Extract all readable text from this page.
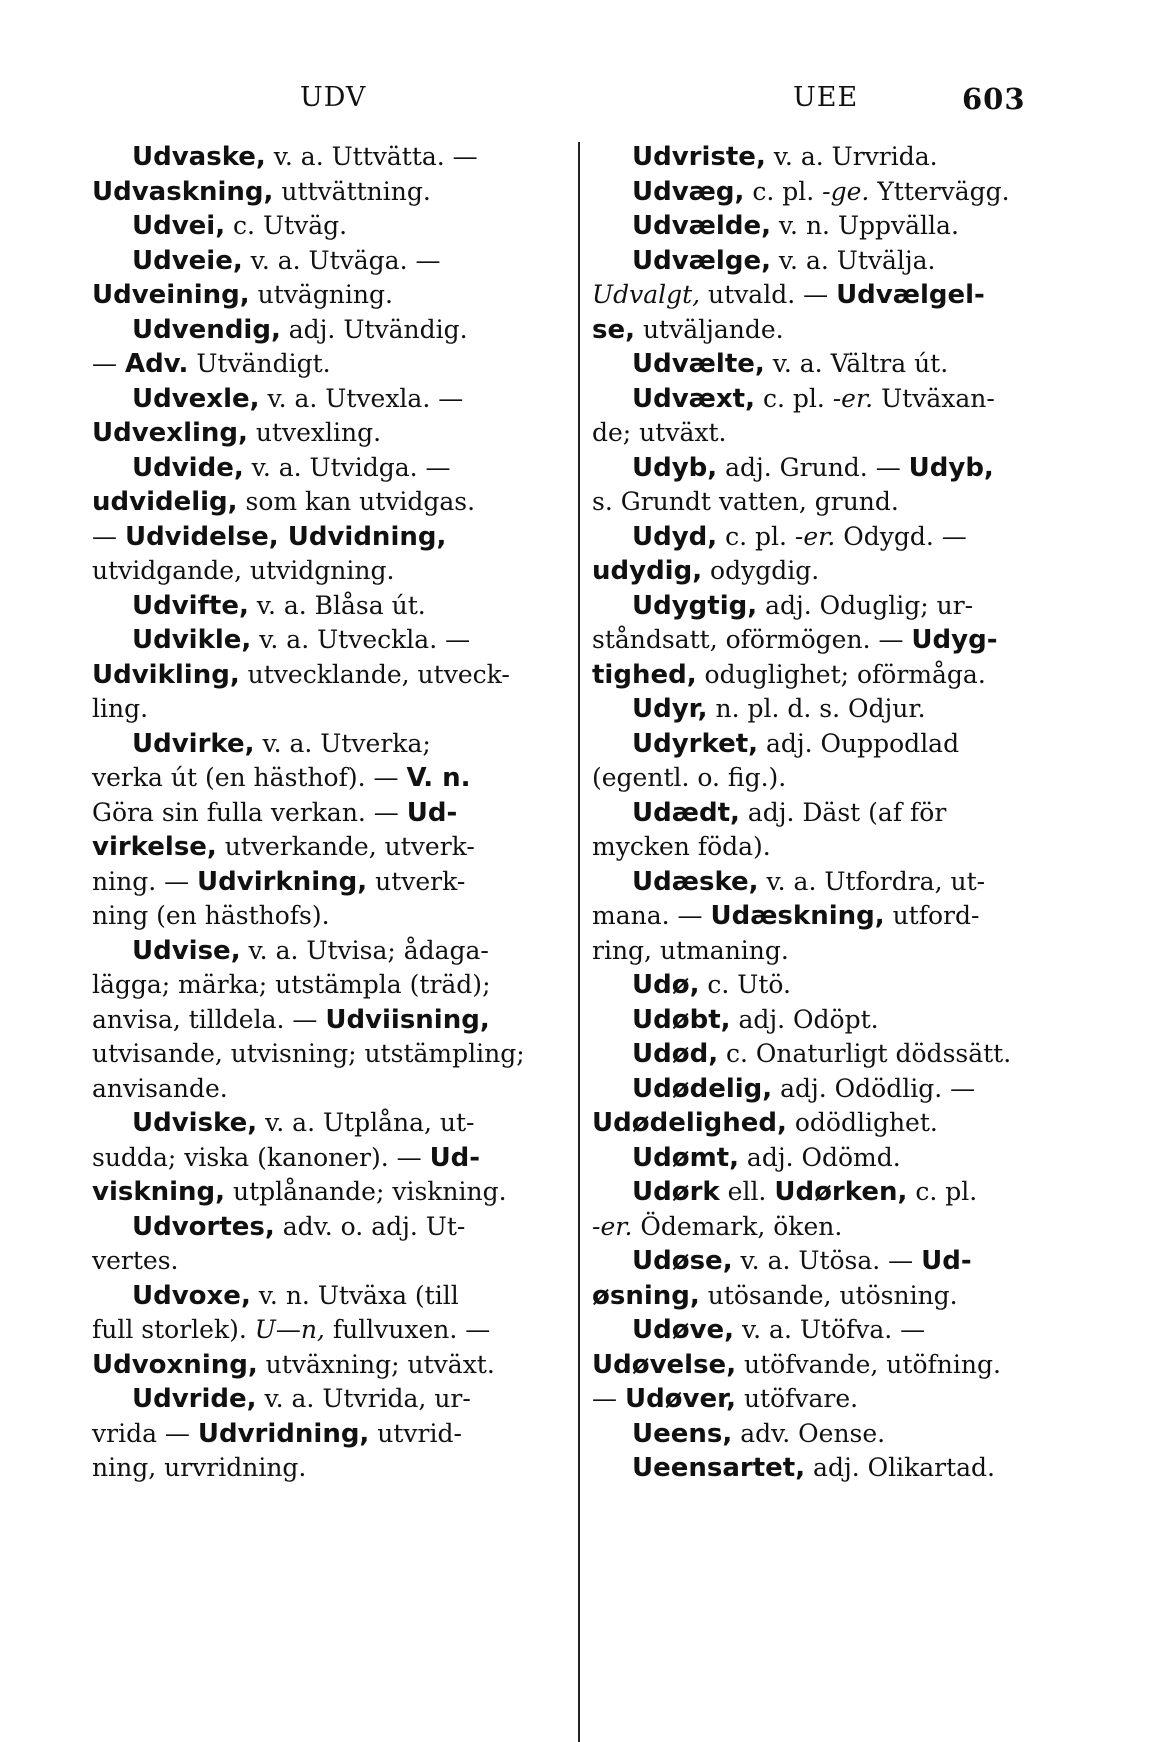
UDV	UEE	603
Udvaske, v. a. Uttvätta. —
Udvaskning, uttvättning.
Udvei, c. Utväg.
Udveie, v. a. Utväga. —
Udveining, utvägning.
Udvendig, adj. Utvändig.
— Adv. Utvändigt.
Udvexle, v. a. Utvexla. —
Udvexling, utvexling.
Udvide, v. a. Utvidga. —
udvidelig, som kan utvidgas.
— Udvidelse, Udvidning,
utvidgande, utvidgning.
Udvifte, v. a. Blåsa út.
Udvikle, v. a. Utveckla. —
Udvikling, utvecklande, utveck-
ling.
Udvirke, v. a. Utverka;
verka út (en hästhof). — V. n.
Göra sin fulla verkan. — Ud-
virkelse, utverkande, utverk-
ning. — Udvirkning, utverk-
ning (en hästhofs).
Udvise, v. a. Utvisa; ådaga-
lägga; märka; utstämpla (träd);
anvisa, tilldela. — Udviisning,
utvisande, utvisning; utstämpling;
anvisande.
Udviske, v. a. Utplåna, ut-
sudda; viska (kanoner). — Ud-
viskning, utplånande; viskning.
Udvortes, adv. o. adj. Ut-
vertes.
Udvoxe, v. n. Utväxa (till
full storlek). U—n, fullvuxen. —
Udvoxning, utväxning; utväxt.
Udvride, v. a. Utvrida, ur-
vrida — Udvridning, utvrid-
ning, urvridning.
Udvriste, v. a. Urvrida.
Udvæg, c. pl. -ge. Yttervägg.
Udvælde, v. n. Uppvälla.
Udvælge, v. a. Utvälja.
Udvalgt, utvald. — Udvælgel-
se, utväljande.
Udvælte, v. a. Vältra út.
Udvæxt, c. pl. -er. Utväxan-
de; utväxt.
Udyb, adj. Grund. — Udyb,
s. Grundt vatten, grund.
Udyd, c. pl. -er. Odygd. —
udydig, odygdig.
Udygtig, adj. Oduglig; ur-
ståndsatt, oförmögen. — Udyg-
tighed, oduglighet; oförmåga.
Udyr, n. pl. d. s. Odjur.
Udyrket, adj. Ouppodlad
(egentl. o. fig.).
Udædt, adj. Däst (af för
mycken föda).
Udæske, v. a. Utfordra, ut-
mana. — Udæskning, utford-
ring, utmaning.
Udø, c. Utö.
Udøbt, adj. Odöpt.
Udød, c. Onaturligt dödssätt.
Udødelig, adj. Odödlig. —
Udødelighed, odödlighet.
Udømt, adj. Odömd.
Udørk ell. Udørken, c. pl.
-er. Ödemark, öken.
Udøse, v. a. Utösa. — Ud-
øsning, utösande, utösning.
Udøve, v. a. Utöfva. —
Udøvelse, utöfvande, utöfning.
— Udøver, utöfvare.
Ueens, adv. Oense.
Ueensartet, adj. Olikartad.
